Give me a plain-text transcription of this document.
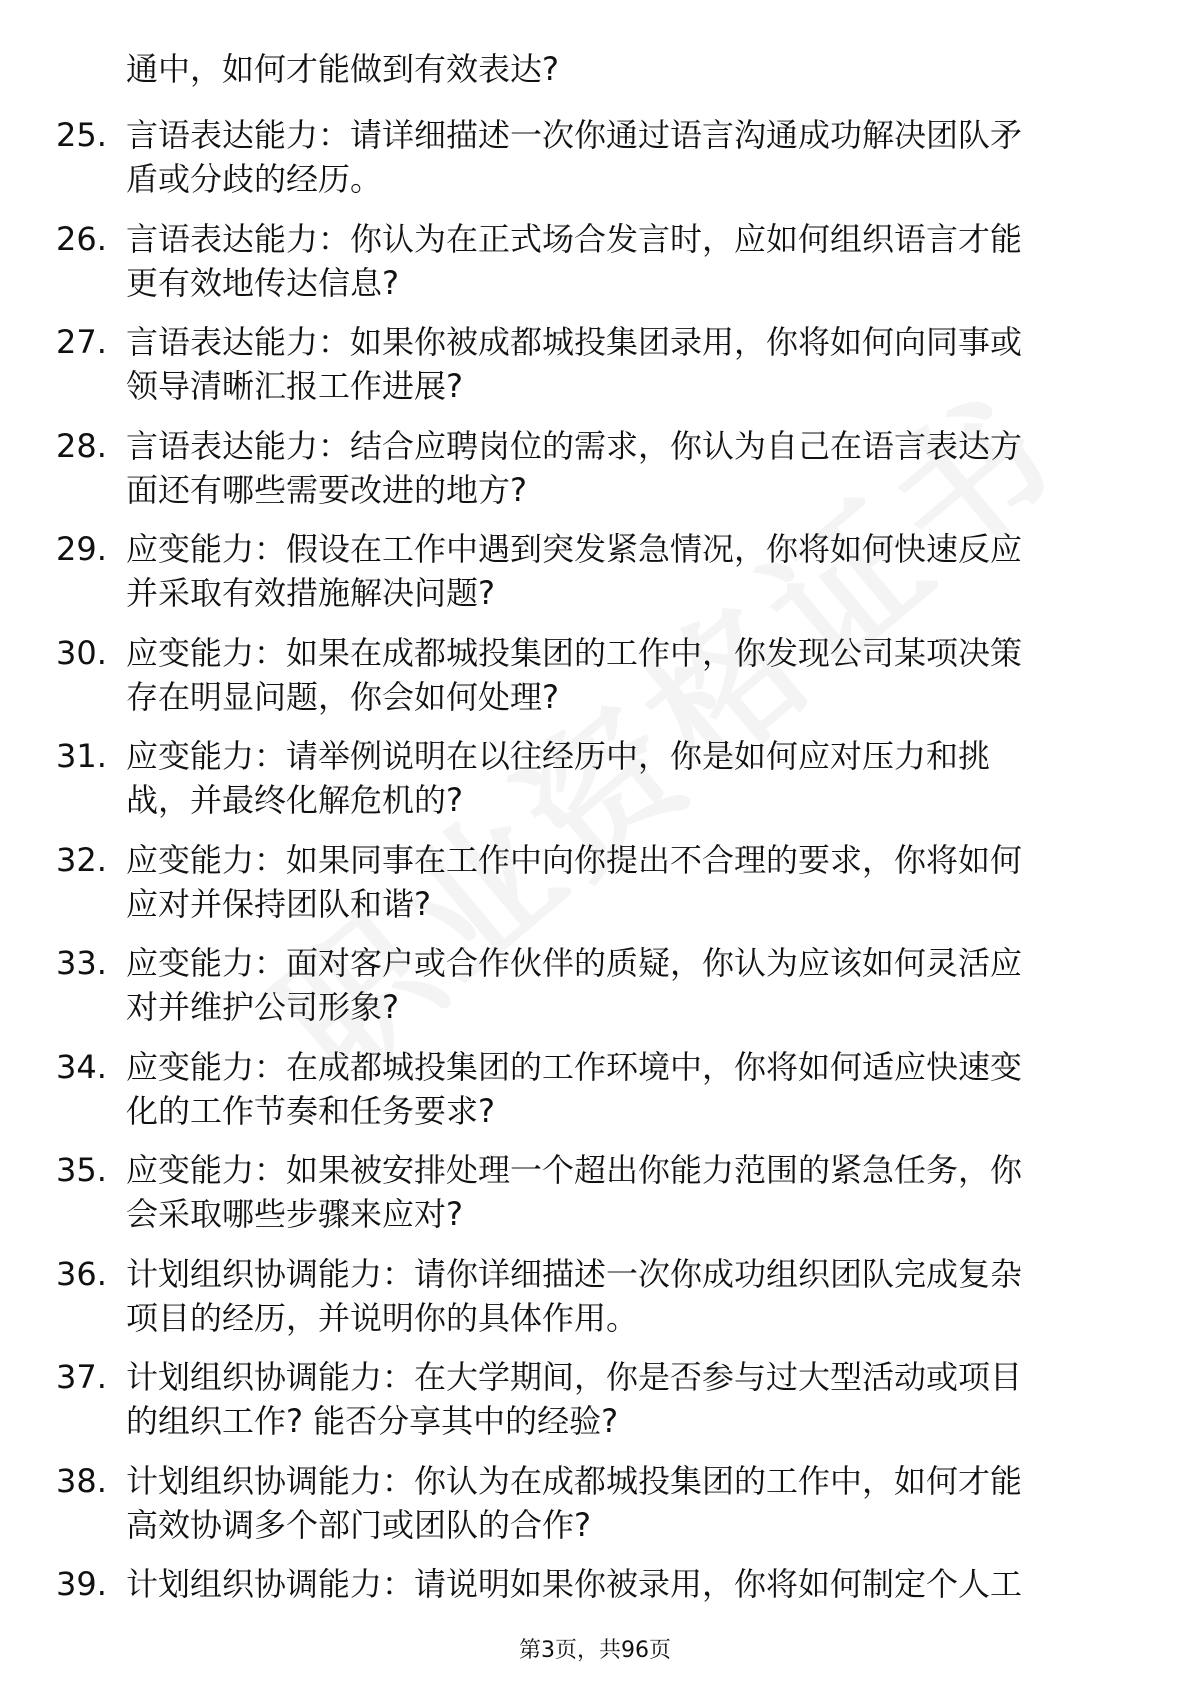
通中，如何才能做到有效表达?
25. 言语表达能力：请详细描述一次你通过语言沟通成功解决团队矛
盾或分歧的经历。
26. 言语表达能力：你认为在正式场合发言时，应如何组织语言才能
更有效地传达信息?
27. 言语表达能力：如果你被成都城投集团录用，你将如何向同事或
领导清晰汇报工作进展?
28. 言语表达能力：结合应聘岗位的需求，你认为自己在语言表达方
面还有哪些需要改进的地方?
29. 应变能力：假设在工作中遇到突发紧急情况，你将如何快速反应
并采取有效措施解决问题?
30. 应变能力：如果在成都城投集团的工作中，你发现公司某项决策
存在明显问题，你会如何处理?
31. 应变能力：请举例说明在以往经历中，你是如何应对压力和挑
战，并最终化解危机的?
32. 应变能力：如果同事在工作中向你提出不合理的要求，你将如何
应对并保持团队和谐?
33. 应变能力：面对客户或合作伙伴的质疑，你认为应该如何灵活应
对并维护公司形象?
34. 应变能力：在成都城投集团的工作环境中，你将如何适应快速变
化的工作节奏和任务要求?
35. 应变能力：如果被安排处理一个超出你能力范围的紧急任务，你
会采取哪些步骤来应对?
36. 计划组织协调能力：请你详细描述一次你成功组织团队完成复杂
项目的经历，并说明你的具体作用。
37. 计划组织协调能力：在大学期间，你是否参与过大型活动或项目
的组织工作? 能否分享其中的经验?
38. 计划组织协调能力：你认为在成都城投集团的工作中，如何才能
高效协调多个部门或团队的合作?
39. 计划组织协调能力：请说明如果你被录用，你将如何制定个人工
第3页，共96页
